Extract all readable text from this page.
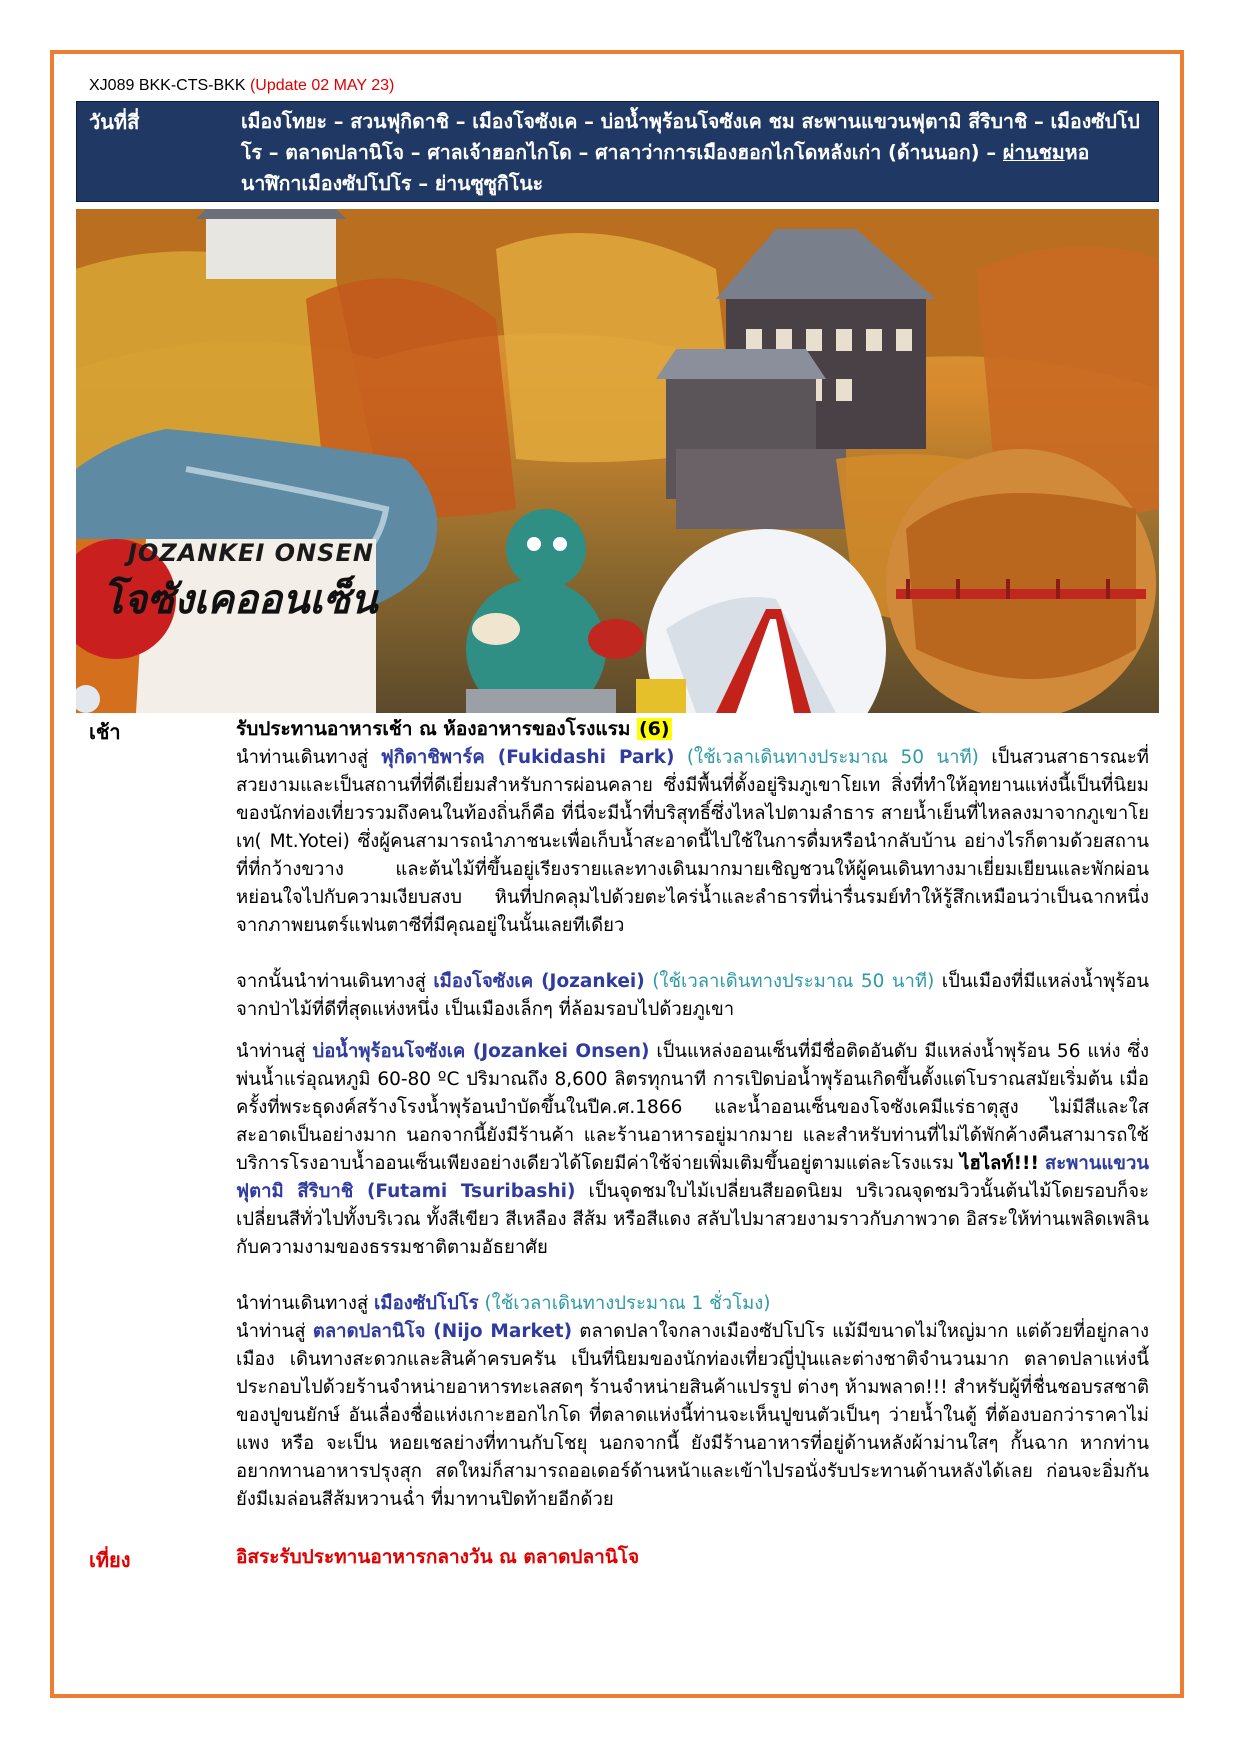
XJ089 BKK-CTS-BKK (Update 02 MAY 23)
วันที่สี่	เมืองโทยะ – สวนฟุกิดาชิ – เมืองโจซังเค – บ่อน้ำพุร้อนโจซังเค ชม สะพานแขวนฟุตามิ สีริบาชิ – เมืองซัปโปโร – ตลาดปลานิโจ – ศาลเจ้าฮอกไกโด – ศาลาว่าการเมืองฮอกไกโดหลังเก่า (ด้านนอก) – ผ่านชมหอนาฬิกาเมืองซัปโปโร – ย่านซูซูกิโนะ
JOZANKEI ONSEN
โจซังเคออนเซ็น
เช้า	รับประทานอาหารเช้า ณ ห้องอาหารของโรงแรม (6)
นำท่านเดินทางสู่ ฟุกิดาชิพาร์ค (Fukidashi Park) (ใช้เวลาเดินทางประมาณ 50 นาที) เป็นสวนสาธารณะที่สวยงามและเป็นสถานที่ที่ดีเยี่ยมสำหรับการผ่อนคลาย ซึ่งมีพื้นที่ตั้งอยู่ริมภูเขาโยเท สิ่งที่ทำให้อุทยานแห่งนี้เป็นที่นิยมของนักท่องเที่ยวรวมถึงคนในท้องถิ่นก็คือ ที่นี่จะมีน้ำที่บริสุทธิ์ซึ่งไหลไปตามลำธาร สายน้ำเย็นที่ไหลลงมาจากภูเขาโยเท( Mt.Yotei) ซึ่งผู้คนสามารถนำภาชนะเพื่อเก็บน้ำสะอาดนี้ไปใช้ในการดื่มหรือนำกลับบ้าน อย่างไรก็ตามด้วยสถานที่ที่กว้างขวาง และต้นไม้ที่ขึ้นอยู่เรียงรายและทางเดินมากมายเชิญชวนให้ผู้คนเดินทางมาเยี่ยมเยียนและพักผ่อนหย่อนใจไปกับความเงียบสงบ หินที่ปกคลุมไปด้วยตะไคร่น้ำและลำธารที่น่ารื่นรมย์ทำให้รู้สึกเหมือนว่าเป็นฉากหนึ่งจากภาพยนตร์แฟนตาซีที่มีคุณอยู่ในนั้นเลยทีเดียว
จากนั้นนำท่านเดินทางสู่ เมืองโจซังเค (Jozankei) (ใช้เวลาเดินทางประมาณ 50 นาที) เป็นเมืองที่มีแหล่งน้ำพุร้อนจากป่าไม้ที่ดีที่สุดแห่งหนึ่ง เป็นเมืองเล็กๆ ที่ล้อมรอบไปด้วยภูเขา
นำท่านสู่ บ่อน้ำพุร้อนโจซังเค (Jozankei Onsen) เป็นแหล่งออนเซ็นที่มีชื่อติดอันดับ มีแหล่งน้ำพุร้อน 56 แห่ง ซึ่งพ่นน้ำแร่อุณหภูมิ 60-80 ºC ปริมาณถึง 8,600 ลิตรทุกนาที การเปิดบ่อน้ำพุร้อนเกิดขึ้นตั้งแต่โบราณสมัยเริ่มต้น เมื่อครั้งที่พระธุดงค์สร้างโรงน้ำพุร้อนบำบัดขึ้นในปีค.ศ.1866 และน้ำออนเซ็นของโจซังเคมีแร่ธาตุสูง ไม่มีสีและใสสะอาดเป็นอย่างมาก นอกจากนี้ยังมีร้านค้า และร้านอาหารอยู่มากมาย และสำหรับท่านที่ไม่ได้พักค้างคืนสามารถใช้บริการโรงอาบน้ำออนเซ็นเพียงอย่างเดียวได้โดยมีค่าใช้จ่ายเพิ่มเติมขึ้นอยู่ตามแต่ละโรงแรม ไฮไลท์!!! สะพานแขวนฟุตามิ สีริบาชิ (Futami Tsuribashi) เป็นจุดชมใบไม้เปลี่ยนสียอดนิยม บริเวณจุดชมวิวนั้นต้นไม้โดยรอบก็จะเปลี่ยนสีทั่วไปทั้งบริเวณ ทั้งสีเขียว สีเหลือง สีส้ม หรือสีแดง สลับไปมาสวยงามราวกับภาพวาด อิสระให้ท่านเพลิดเพลินกับความงามของธรรมชาติตามอัธยาศัย
นำท่านเดินทางสู่ เมืองซัปโปโร (ใช้เวลาเดินทางประมาณ 1 ชั่วโมง)
นำท่านสู่ ตลาดปลานิโจ (Nijo Market) ตลาดปลาใจกลางเมืองซัปโปโร แม้มีขนาดไม่ใหญ่มาก แต่ด้วยที่อยู่กลางเมือง เดินทางสะดวกและสินค้าครบครัน เป็นที่นิยมของนักท่องเที่ยวญี่ปุ่นและต่างชาติจำนวนมาก ตลาดปลาแห่งนี้ประกอบไปด้วยร้านจำหน่ายอาหารทะเลสดๆ ร้านจำหน่ายสินค้าแปรรูป ต่างๆ ห้ามพลาด!!! สำหรับผู้ที่ชื่นชอบรสชาติของปูขนยักษ์ อันเลื่องชื่อแห่งเกาะฮอกไกโด ที่ตลาดแห่งนี้ท่านจะเห็นปูขนตัวเป็นๆ ว่ายน้ำในตู้ ที่ต้องบอกว่าราคาไม่แพง หรือ จะเป็น หอยเชลย่างที่ทานกับโชยุ นอกจากนี้ ยังมีร้านอาหารที่อยู่ด้านหลังผ้าม่านใสๆ กั้นฉาก หากท่านอยากทานอาหารปรุงสุก สดใหม่ก็สามารถออเดอร์ด้านหน้าและเข้าไปรอนั่งรับประทานด้านหลังได้เลย ก่อนจะอิ่มกันยังมีเมล่อนสีส้มหวานฉ่ำ ที่มาทานปิดท้ายอีกด้วย
เที่ยง	อิสระรับประทานอาหารกลางวัน ณ ตลาดปลานิโจ
